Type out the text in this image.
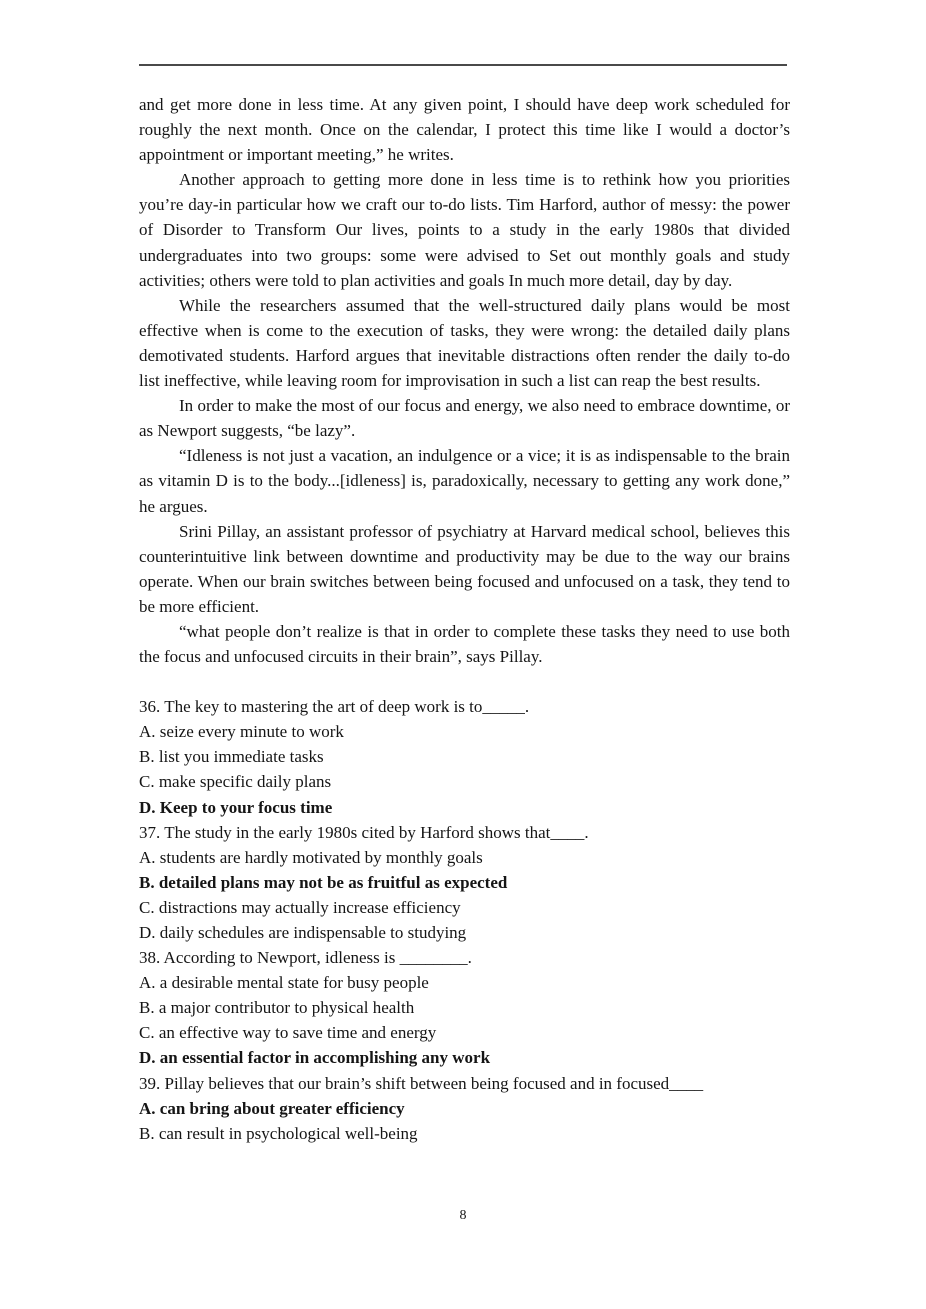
and get more done in less time. At any given point, I should have deep work scheduled for roughly the next month. Once on the calendar, I protect this time like I would a doctor’s appointment or important meeting,” he writes.

Another approach to getting more done in less time is to rethink how you priorities you’re day-in particular how we craft our to-do lists. Tim Harford, author of messy: the power of Disorder to Transform Our lives, points to a study in the early 1980s that divided undergraduates into two groups: some were advised to Set out monthly goals and study activities; others were told to plan activities and goals In much more detail, day by day.

While the researchers assumed that the well-structured daily plans would be most effective when is come to the execution of tasks, they were wrong: the detailed daily plans demotivated students. Harford argues that inevitable distractions often render the daily to-do list ineffective, while leaving room for improvisation in such a list can reap the best results.

In order to make the most of our focus and energy, we also need to embrace downtime, or as Newport suggests, “be lazy”.

“Idleness is not just a vacation, an indulgence or a vice; it is as indispensable to the brain as vitamin D is to the body...[idleness] is, paradoxically, necessary to getting any work done,” he argues.

Srini Pillay, an assistant professor of psychiatry at Harvard medical school, believes this counterintuitive link between downtime and productivity may be due to the way our brains operate. When our brain switches between being focused and unfocused on a task, they tend to be more efficient.

“what people don’t realize is that in order to complete these tasks they need to use both the focus and unfocused circuits in their brain”, says Pillay.

36. The key to mastering the art of deep work is to_____.

A. seize every minute to work

B. list you immediate tasks

C. make specific daily plans

D. Keep to your focus time

37. The study in the early 1980s cited by Harford shows that____.

A. students are hardly motivated by monthly goals

B. detailed plans may not be as fruitful as expected

C. distractions may actually increase efficiency

D. daily schedules are indispensable to studying

38. According to Newport, idleness is ________.

A. a desirable mental state for busy people

B. a major contributor to physical health

C. an effective way to save time and energy

D. an essential factor in accomplishing any work

39. Pillay believes that our brain’s shift between being focused and in focused____

A. can bring about greater efficiency

B. can result in psychological well-being

8
